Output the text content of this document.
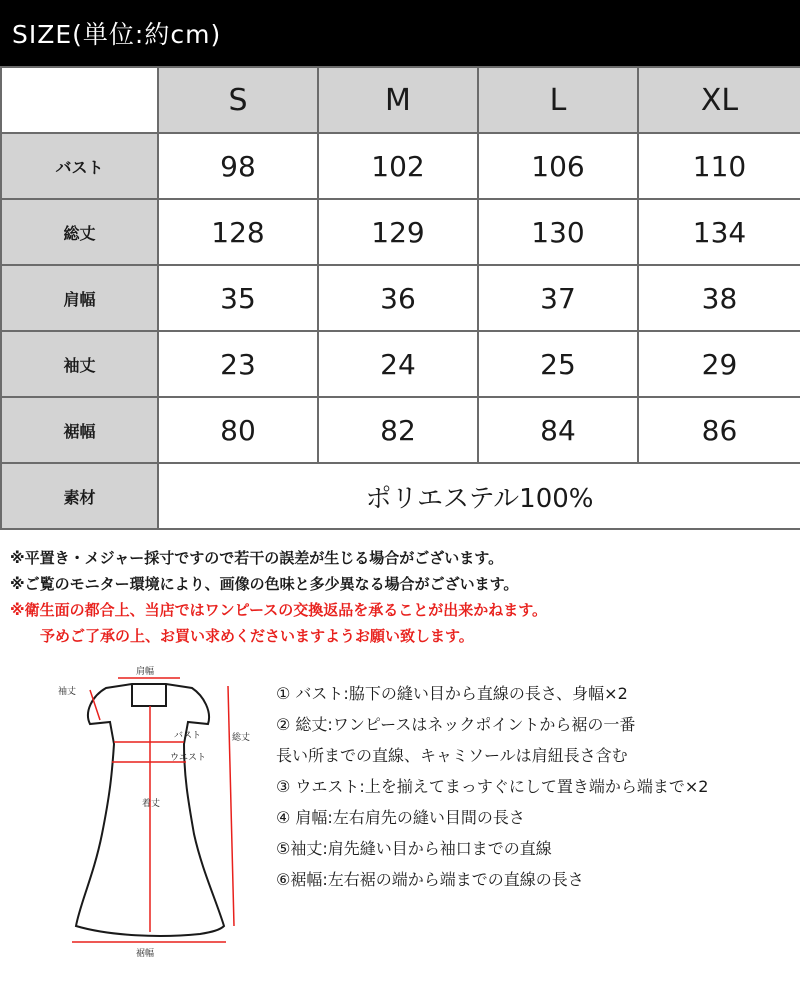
SIZE(単位:約cm)
	S	M	L	XL
バスト	98	102	106	110
総丈	128	129	130	134
肩幅	35	36	37	38
袖丈	23	24	25	29
裾幅	80	82	84	86
素材	ポリエステル100%			
※平置き・メジャー採寸ですので若干の誤差が生じる場合がございます。
※ご覧のモニター環境により、画像の色味と多少異なる場合がございます。
※衛生面の都合上、当店ではワンピースの交換返品を承ることが出来かねます。
予めご了承の上、お買い求めくださいますようお願い致します。
肩幅
袖丈
バスト
ウエスト
総丈
着丈
裾幅
① バスト:脇下の縫い目から直線の長さ、身幅×2
② 総丈:ワンピースはネックポイントから裾の一番
長い所までの直線、キャミソールは肩紐長さ含む
③ ウエスト:上を揃えてまっすぐにして置き端から端まで×2
④ 肩幅:左右肩先の縫い目間の長さ
⑤袖丈:肩先縫い目から袖口までの直線
⑥裾幅:左右裾の端から端までの直線の長さ
